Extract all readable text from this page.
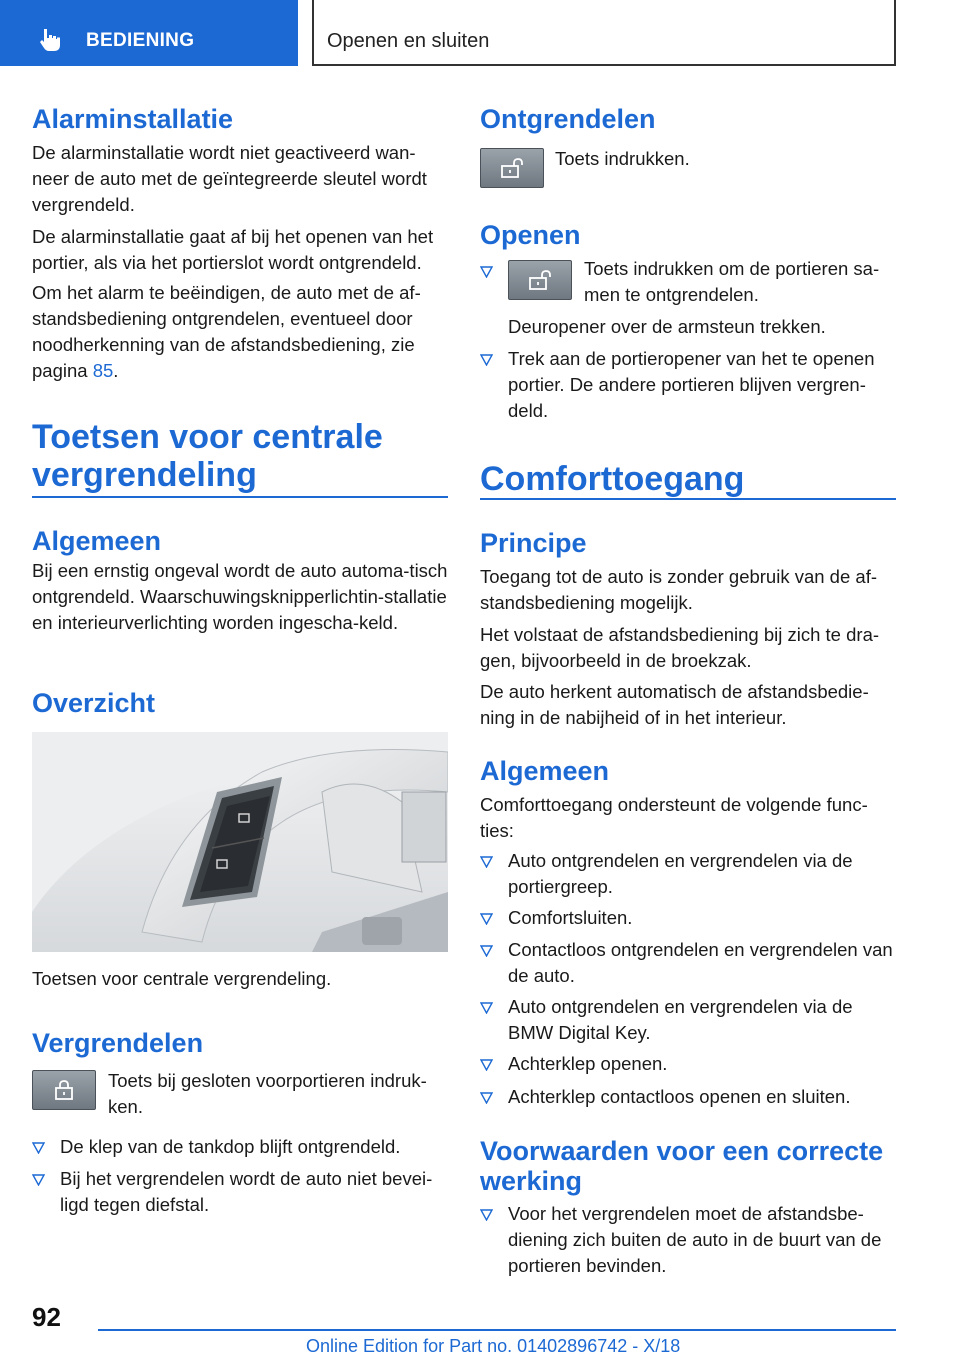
BEDIENING	Openen en sluiten
Alarminstallatie
De alarminstallatie wordt niet geactiveerd wan-neer de auto met de geïntegreerde sleutel wordt vergrendeld.
De alarminstallatie gaat af bij het openen van het portier, als via het portierslot wordt ontgrendeld.
Om het alarm te beëindigen, de auto met de af-standsbediening ontgrendelen, eventueel door noodherkenning van de afstandsbediening, zie pagina 85.
Toetsen voor centrale
vergrendeling
Algemeen
Bij een ernstig ongeval wordt de auto automa-tisch ontgrendeld. Waarschuwingsknipperlichtin-stallatie en interieurverlichting worden ingescha-keld.
Overzicht
Toetsen voor centrale vergrendeling.
Vergrendelen
Toets bij gesloten voorportieren indruk-ken.
De klep van de tankdop blijft ontgrendeld.
Bij het vergrendelen wordt de auto niet bevei-ligd tegen diefstal.
Ontgrendelen
Toets indrukken.
Openen
Toets indrukken om de portieren sa-men te ontgrendelen.
Deuropener over de armsteun trekken.
Trek aan de portieropener van het te openen portier. De andere portieren blijven vergren-deld.
Comforttoegang
Principe
Toegang tot de auto is zonder gebruik van de af-standsbediening mogelijk.
Het volstaat de afstandsbediening bij zich te dra-gen, bijvoorbeeld in de broekzak.
De auto herkent automatisch de afstandsbedie-ning in de nabijheid of in het interieur.
Algemeen
Comforttoegang ondersteunt de volgende func-ties:
Auto ontgrendelen en vergrendelen via de portiergreep.
Comfortsluiten.
Contactloos ontgrendelen en vergrendelen van de auto.
Auto ontgrendelen en vergrendelen via de BMW Digital Key.
Achterklep openen.
Achterklep contactloos openen en sluiten.
Voorwaarden voor een correcte
werking
Voor het vergrendelen moet de afstandsbe-diening zich buiten de auto in de buurt van de portieren bevinden.
92
Online Edition for Part no. 01402896742 - X/18
